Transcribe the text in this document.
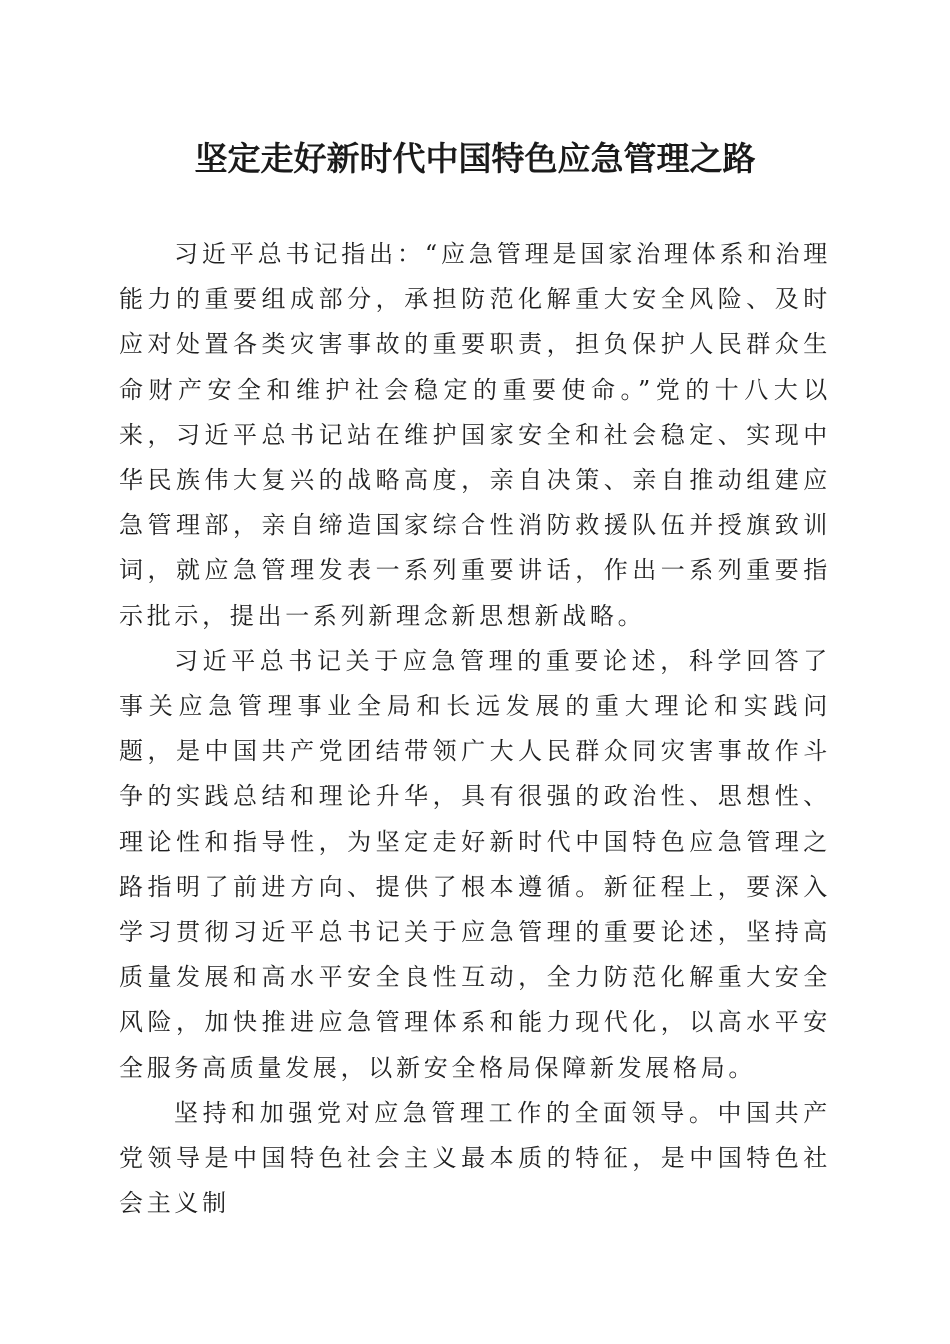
坚定走好新时代中国特色应急管理之路

习近平总书记指出：“应急管理是国家治理体系和治理能力的重要组成部分，承担防范化解重大安全风险、及时应对处置各类灾害事故的重要职责，担负保护人民群众生命财产安全和维护社会稳定的重要使命。”党的十八大以来，习近平总书记站在维护国家安全和社会稳定、实现中华民族伟大复兴的战略高度，亲自决策、亲自推动组建应急管理部，亲自缔造国家综合性消防救援队伍并授旗致训词，就应急管理发表一系列重要讲话，作出一系列重要指示批示，提出一系列新理念新思想新战略。

习近平总书记关于应急管理的重要论述，科学回答了事关应急管理事业全局和长远发展的重大理论和实践问题，是中国共产党团结带领广大人民群众同灾害事故作斗争的实践总结和理论升华，具有很强的政治性、思想性、理论性和指导性，为坚定走好新时代中国特色应急管理之路指明了前进方向、提供了根本遵循。新征程上，要深入学习贯彻习近平总书记关于应急管理的重要论述，坚持高质量发展和高水平安全良性互动，全力防范化解重大安全风险，加快推进应急管理体系和能力现代化，以高水平安全服务高质量发展，以新安全格局保障新发展格局。

坚持和加强党对应急管理工作的全面领导。中国共产党领导是中国特色社会主义最本质的特征，是中国特色社会主义制
